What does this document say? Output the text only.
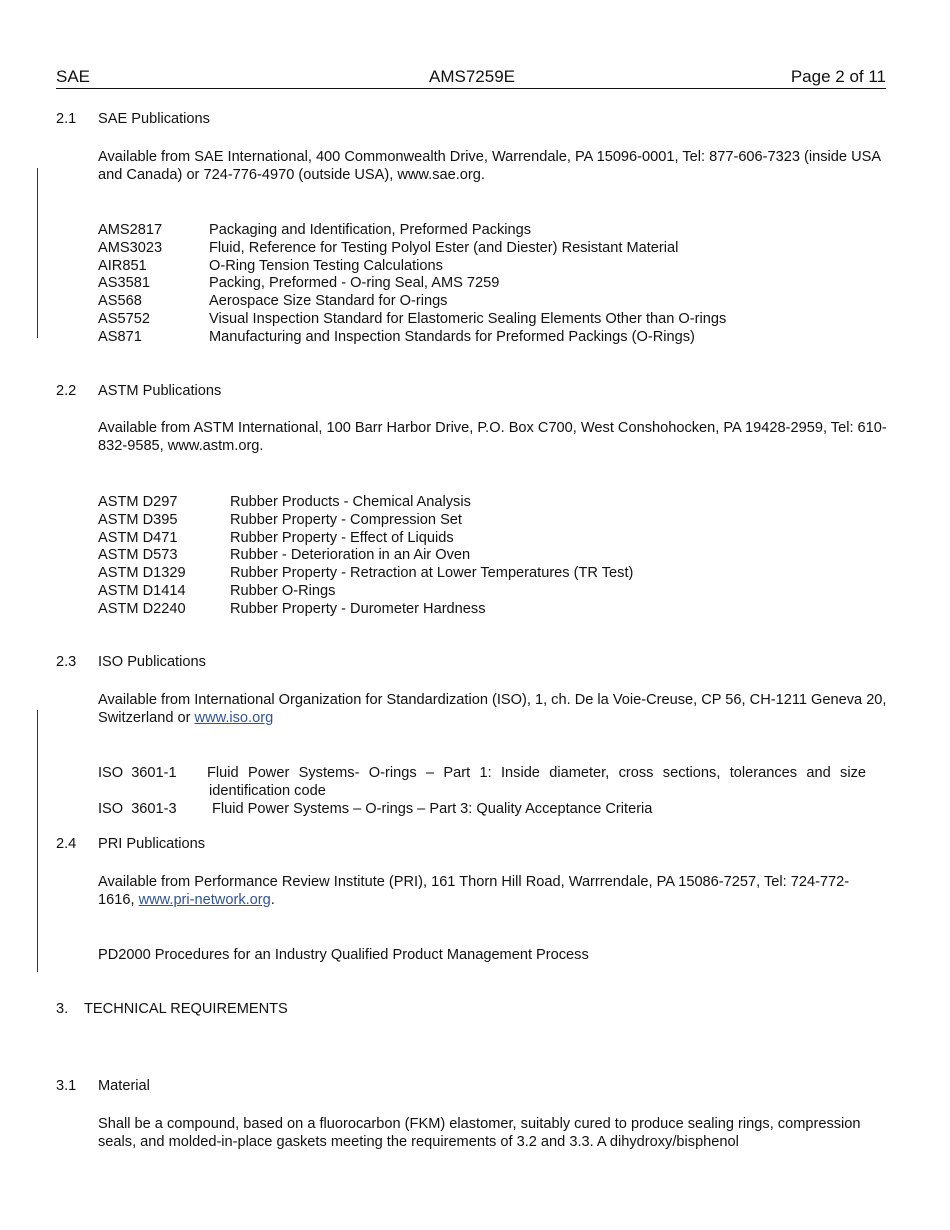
SAE	AMS7259E	Page 2 of 11
2.1 SAE Publications
Available from SAE International, 400 Commonwealth Drive, Warrendale, PA 15096-0001, Tel: 877-606-7323 (inside USA and Canada) or 724-776-4970 (outside USA), www.sae.org.
AMS2817	Packaging and Identification, Preformed Packings
AMS3023	Fluid, Reference for Testing Polyol Ester (and Diester) Resistant Material
AIR851	O-Ring Tension Testing Calculations
AS3581	Packing, Preformed - O-ring Seal, AMS 7259
AS568	Aerospace Size Standard for O-rings
AS5752	Visual Inspection Standard for Elastomeric Sealing Elements Other than O-rings
AS871	Manufacturing and Inspection Standards for Preformed Packings (O-Rings)
2.2 ASTM Publications
Available from ASTM International, 100 Barr Harbor Drive, P.O. Box C700, West Conshohocken, PA 19428-2959, Tel: 610-832-9585, www.astm.org.
ASTM D297	Rubber Products - Chemical Analysis
ASTM D395	Rubber Property - Compression Set
ASTM D471	Rubber Property - Effect of Liquids
ASTM D573	Rubber - Deterioration in an Air Oven
ASTM D1329	Rubber Property - Retraction at Lower Temperatures (TR Test)
ASTM D1414	Rubber O-Rings
ASTM D2240	Rubber Property - Durometer Hardness
2.3 ISO Publications
Available from International Organization for Standardization (ISO), 1, ch. De la Voie-Creuse, CP 56, CH-1211 Geneva 20, Switzerland or www.iso.org
ISO 3601-1 Fluid Power Systems- O-rings – Part 1: Inside diameter, cross sections, tolerances and size identification code
ISO 3601-3 Fluid Power Systems – O-rings – Part 3: Quality Acceptance Criteria
2.4 PRI Publications
Available from Performance Review Institute (PRI), 161 Thorn Hill Road, Warrrendale, PA 15086-7257, Tel: 724-772-1616, www.pri-network.org.
PD2000 Procedures for an Industry Qualified Product Management Process
3. TECHNICAL REQUIREMENTS
3.1 Material
Shall be a compound, based on a fluorocarbon (FKM) elastomer, suitably cured to produce sealing rings, compression seals, and molded-in-place gaskets meeting the requirements of 3.2 and 3.3. A dihydroxy/bisphenol
